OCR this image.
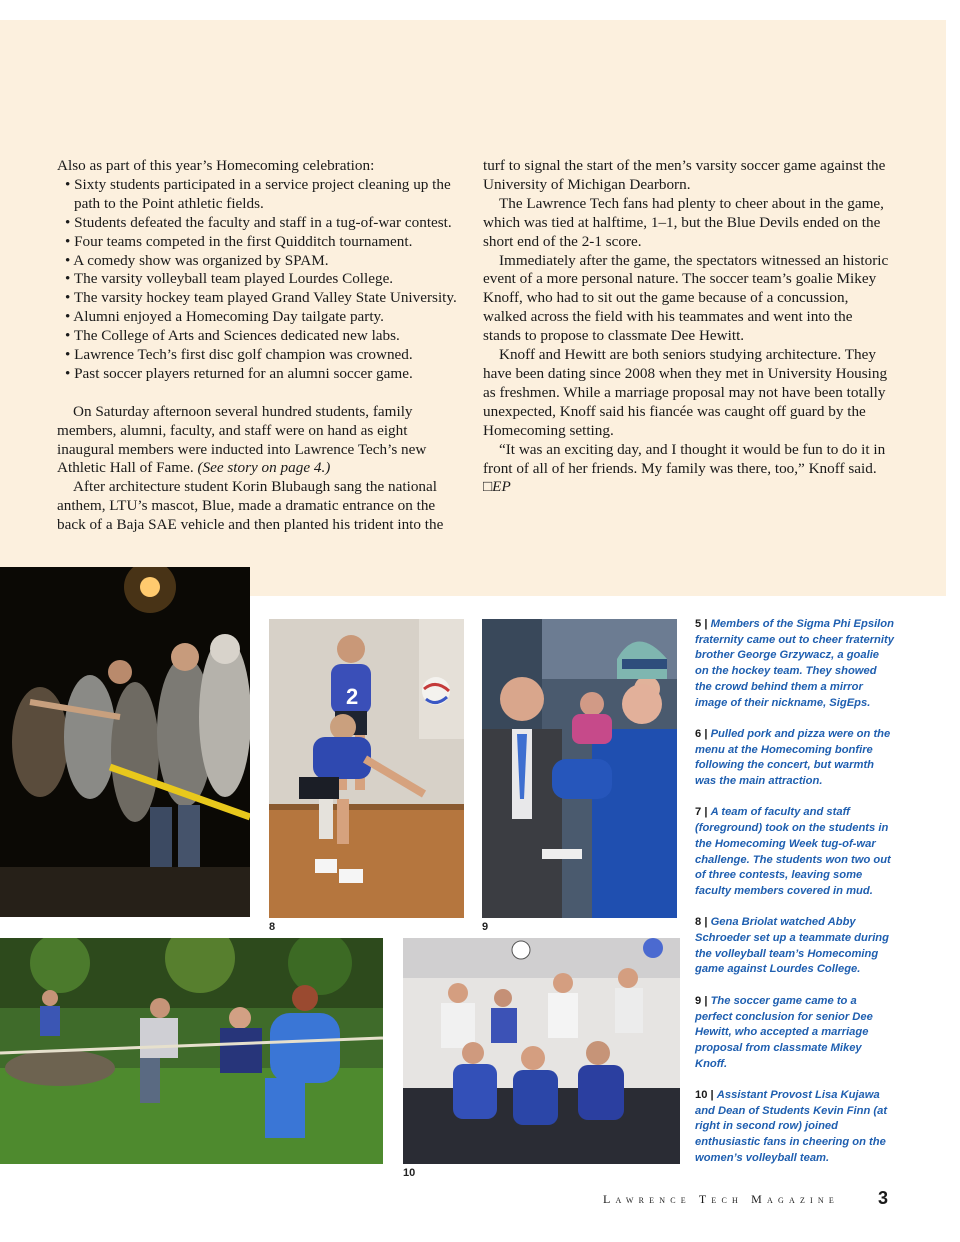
Also as part of this year’s Homecoming celebration:

• Sixty students participated in a service project cleaning up the path to the Point athletic fields.
• Students defeated the faculty and staff in a tug-of-war contest.
• Four teams competed in the first Quidditch tournament.
• A comedy show was organized by SPAM.
• The varsity volleyball team played Lourdes College.
• The varsity hockey team played Grand Valley State University.
• Alumni enjoyed a Homecoming Day tailgate party.
• The College of Arts and Sciences dedicated new labs.
• Lawrence Tech’s first disc golf champion was crowned.
• Past soccer players returned for an alumni soccer game.

On Saturday afternoon several hundred students, family members, alumni, faculty, and staff were on hand as eight inaugural members were inducted into Lawrence Tech’s new Athletic Hall of Fame. (See story on page 4.)

After architecture student Korin Blubaugh sang the national anthem, LTU’s mascot, Blue, made a dramatic entrance on the back of a Baja SAE vehicle and then planted his trident into the

turf to signal the start of the men’s varsity soccer game against the University of Michigan Dearborn.

The Lawrence Tech fans had plenty to cheer about in the game, which was tied at halftime, 1–1, but the Blue Devils ended on the short end of the 2-1 score.

Immediately after the game, the spectators witnessed an historic event of a more personal nature. The soccer team’s goalie Mikey Knoff, who had to sit out the game because of a concussion, walked across the field with his teammates and went into the stands to propose to classmate Dee Hewitt.

Knoff and Hewitt are both seniors studying architecture. They have been dating since 2008 when they met in University Housing as freshmen. While a marriage proposal may not have been totally unexpected, Knoff said his fiancée was caught off guard by the Homecoming setting.

“It was an exciting day, and I thought it would be fun to do it in front of all of her friends. My family was there, too,” Knoff said. □EP

2
8	9
10
5 | Members of the Sigma Phi Epsilon fraternity came out to cheer fraternity brother George Grzywacz, a goalie on the hockey team. They showed the crowd behind them a mirror image of their nickname, SigEps.
6 | Pulled pork and pizza were on the menu at the Homecoming bonfire following the concert, but warmth was the main attraction.
7 | A team of faculty and staff (foreground) took on the students in the Homecoming Week tug-of-war challenge. The students won two out of three contests, leaving some faculty members covered in mud.
8 | Gena Briolat watched Abby Schroeder set up a teammate during the volleyball team’s Homecoming game against Lourdes College.
9 | The soccer game came to a perfect conclusion for senior Dee Hewitt, who accepted a marriage proposal from classmate Mikey Knoff.
10 | Assistant Provost Lisa Kujawa and Dean of Students Kevin Finn (at right in second row) joined enthusiastic fans in cheering on the women’s volleyball team.
Lawrence Tech Magazine 3
